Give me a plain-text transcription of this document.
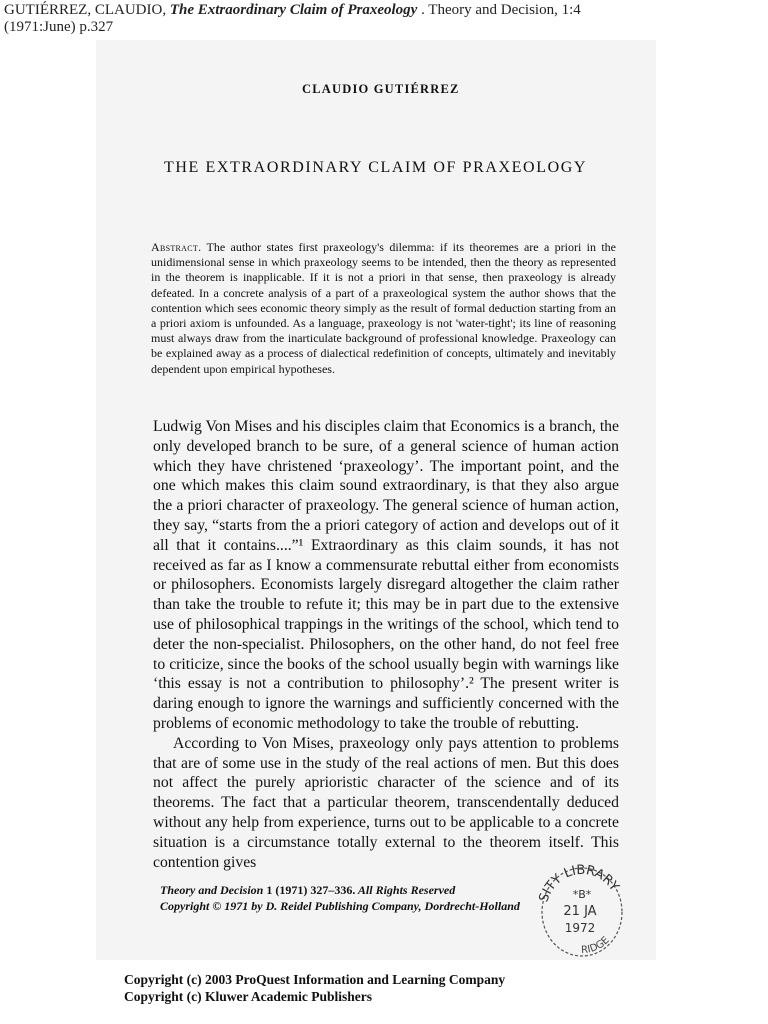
GUTIÉRREZ, CLAUDIO, The Extraordinary Claim of Praxeology . Theory and Decision, 1:4
(1971:June) p.327
CLAUDIO GUTIÉRREZ
THE EXTRAORDINARY CLAIM OF PRAXEOLOGY
Abstract. The author states first praxeology's dilemma: if its theoremes are a priori in the unidimensional sense in which praxeology seems to be intended, then the theory as represented in the theorem is inapplicable. If it is not a priori in that sense, then praxeology is already defeated. In a concrete analysis of a part of a praxeological system the author shows that the contention which sees economic theory simply as the result of formal deduction starting from an a priori axiom is unfounded. As a language, praxeology is not 'water-tight'; its line of reasoning must always draw from the inarticulate background of professional knowledge. Praxeology can be explained away as a process of dialectical redefinition of concepts, ultimately and inevitably dependent upon empirical hypotheses.

Ludwig Von Mises and his disciples claim that Economics is a branch, the only developed branch to be sure, of a general science of human action which they have christened ‘praxeology’. The important point, and the one which makes this claim sound extraordinary, is that they also argue the a priori character of praxeology. The general science of human action, they say, “starts from the a priori category of action and develops out of it all that it contains....”¹ Extraordinary as this claim sounds, it has not received as far as I know a commensurate rebuttal either from economists or philosophers. Economists largely disregard altogether the claim rather than take the trouble to refute it; this may be in part due to the extensive use of philosophical trappings in the writings of the school, which tend to deter the non-specialist. Philosophers, on the other hand, do not feel free to criticize, since the books of the school usually begin with warnings like ‘this essay is not a contribution to philosophy’.² The present writer is daring enough to ignore the warnings and sufficiently concerned with the problems of economic methodology to take the trouble of rebutting.

According to Von Mises, praxeology only pays attention to problems that are of some use in the study of the real actions of men. But this does not affect the purely aprioristic character of the science and of its theorems. The fact that a particular theorem, transcendentally deduced without any help from experience, turns out to be applicable to a concrete situation is a circumstance totally external to the theorem itself. This contention gives

Theory and Decision 1 (1971) 327–336. All Rights Reserved
Copyright © 1971 by D. Reidel Publishing Company, Dordrecht-Holland
SITY LIBRARY
*B*
21 JA
1972
RIDGE
Copyright (c) 2003 ProQuest Information and Learning Company
Copyright (c) Kluwer Academic Publishers
